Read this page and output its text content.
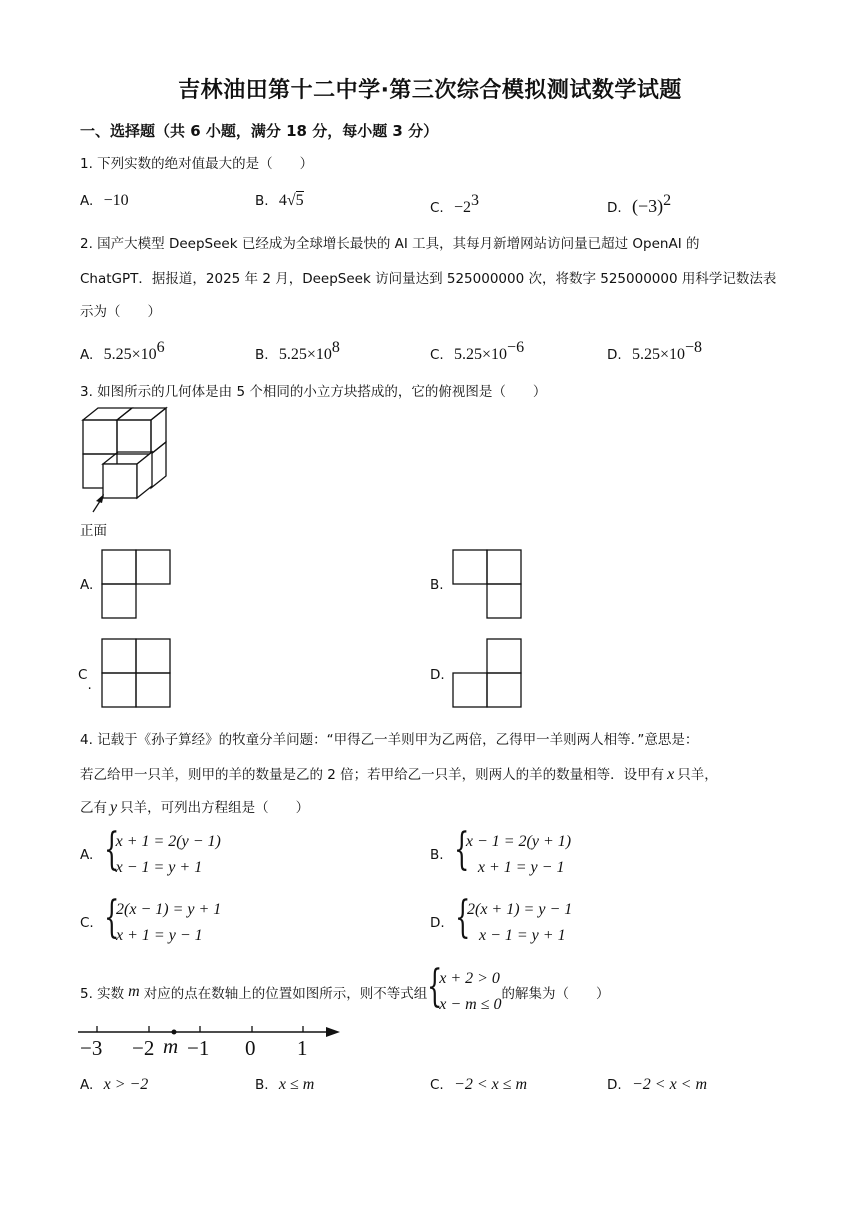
吉林油田第十二中学·第三次综合模拟测试数学试题
一、选择题（共 6 小题，满分 18 分，每小题 3 分）
1. 下列实数的绝对值最大的是（　　）
A. −10	B. 4√5	C. $-2^3$	D. $(-3)^2$
2. 国产大模型 DeepSeek 已经成为全球增长最快的 AI 工具，其每月新增网站访问量已超过 OpenAI 的
ChatGPT．据报道，2025 年 2 月，DeepSeek 访问量达到 525000000 次，将数字 525000000 用科学记数法表
示为（　　）
A. $5.25\times 10^6$	B. $5.25\times 10^8$	C. $5.25\times 10^{-6}$	D. $5.25\times 10^{-8}$
3. 如图所示的几何体是由 5 个相同的小立方块搭成的，它的俯视图是（　　）
正面
A.	B.
C.
D.
4. 记载于《孙子算经》的牧童分羊问题：“甲得乙一羊则甲为乙两倍，乙得甲一羊则两人相等．”意思是：
若乙给甲一只羊，则甲的羊的数量是乙的 2 倍；若甲给乙一只羊，则两人的羊的数量相等．设甲有 x 只羊，
乙有 y 只羊，可列出方程组是（　　）
A. {
x + 1 = 2(y − 1)
x − 1 = y + 1
B. {
x − 1 = 2(y + 1)
x + 1 = y − 1
C. {
2(x − 1) = y + 1
x + 1 = y − 1
D. {
2(x + 1) = y − 1
x − 1 = y + 1
5. 实数 m 对应的点在数轴上的位置如图所示，则不等式组 {
x + 2 > 0
x − m ≤ 0
的解集为（　　）
−3 −2 m −1 0 1
A. x > −2	B. x ≤ m	C. −2 < x ≤ m	D. −2 < x < m
